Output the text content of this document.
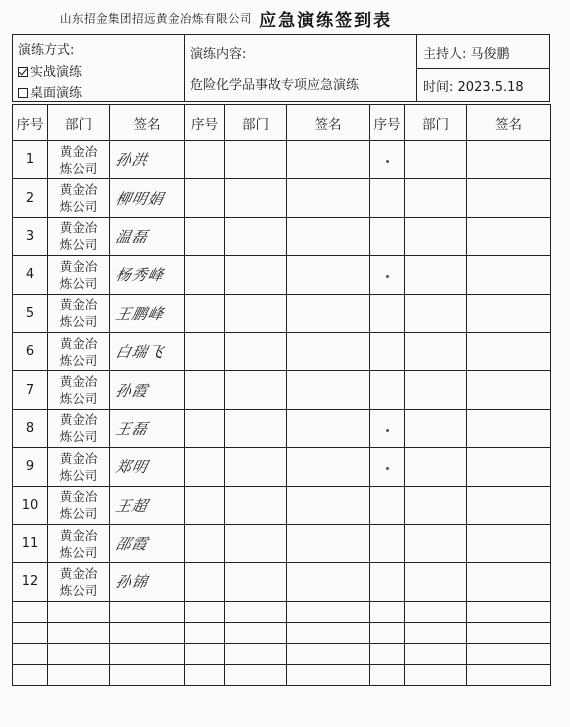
山东招金集团招远黄金冶炼有限公司 应急演练签到表
演练方式:
实战演练
桌面演练
演练内容:
危险化学品事故专项应急演练
主持人: 马俊鹏
时间: 2023.5.18
序号	部门	签名	序号	部门	签名	序号	部门	签名
1	黄金冶炼公司	孙洪						
2	黄金冶炼公司	柳明娟						
3	黄金冶炼公司	温磊						
4	黄金冶炼公司	杨秀峰						
5	黄金冶炼公司	王鹏峰						
6	黄金冶炼公司	白瑞飞						
7	黄金冶炼公司	孙霞						
8	黄金冶炼公司	王磊						
9	黄金冶炼公司	郑明						
10	黄金冶炼公司	王超						
11	黄金冶炼公司	邵霞						
12	黄金冶炼公司	孙锦						
